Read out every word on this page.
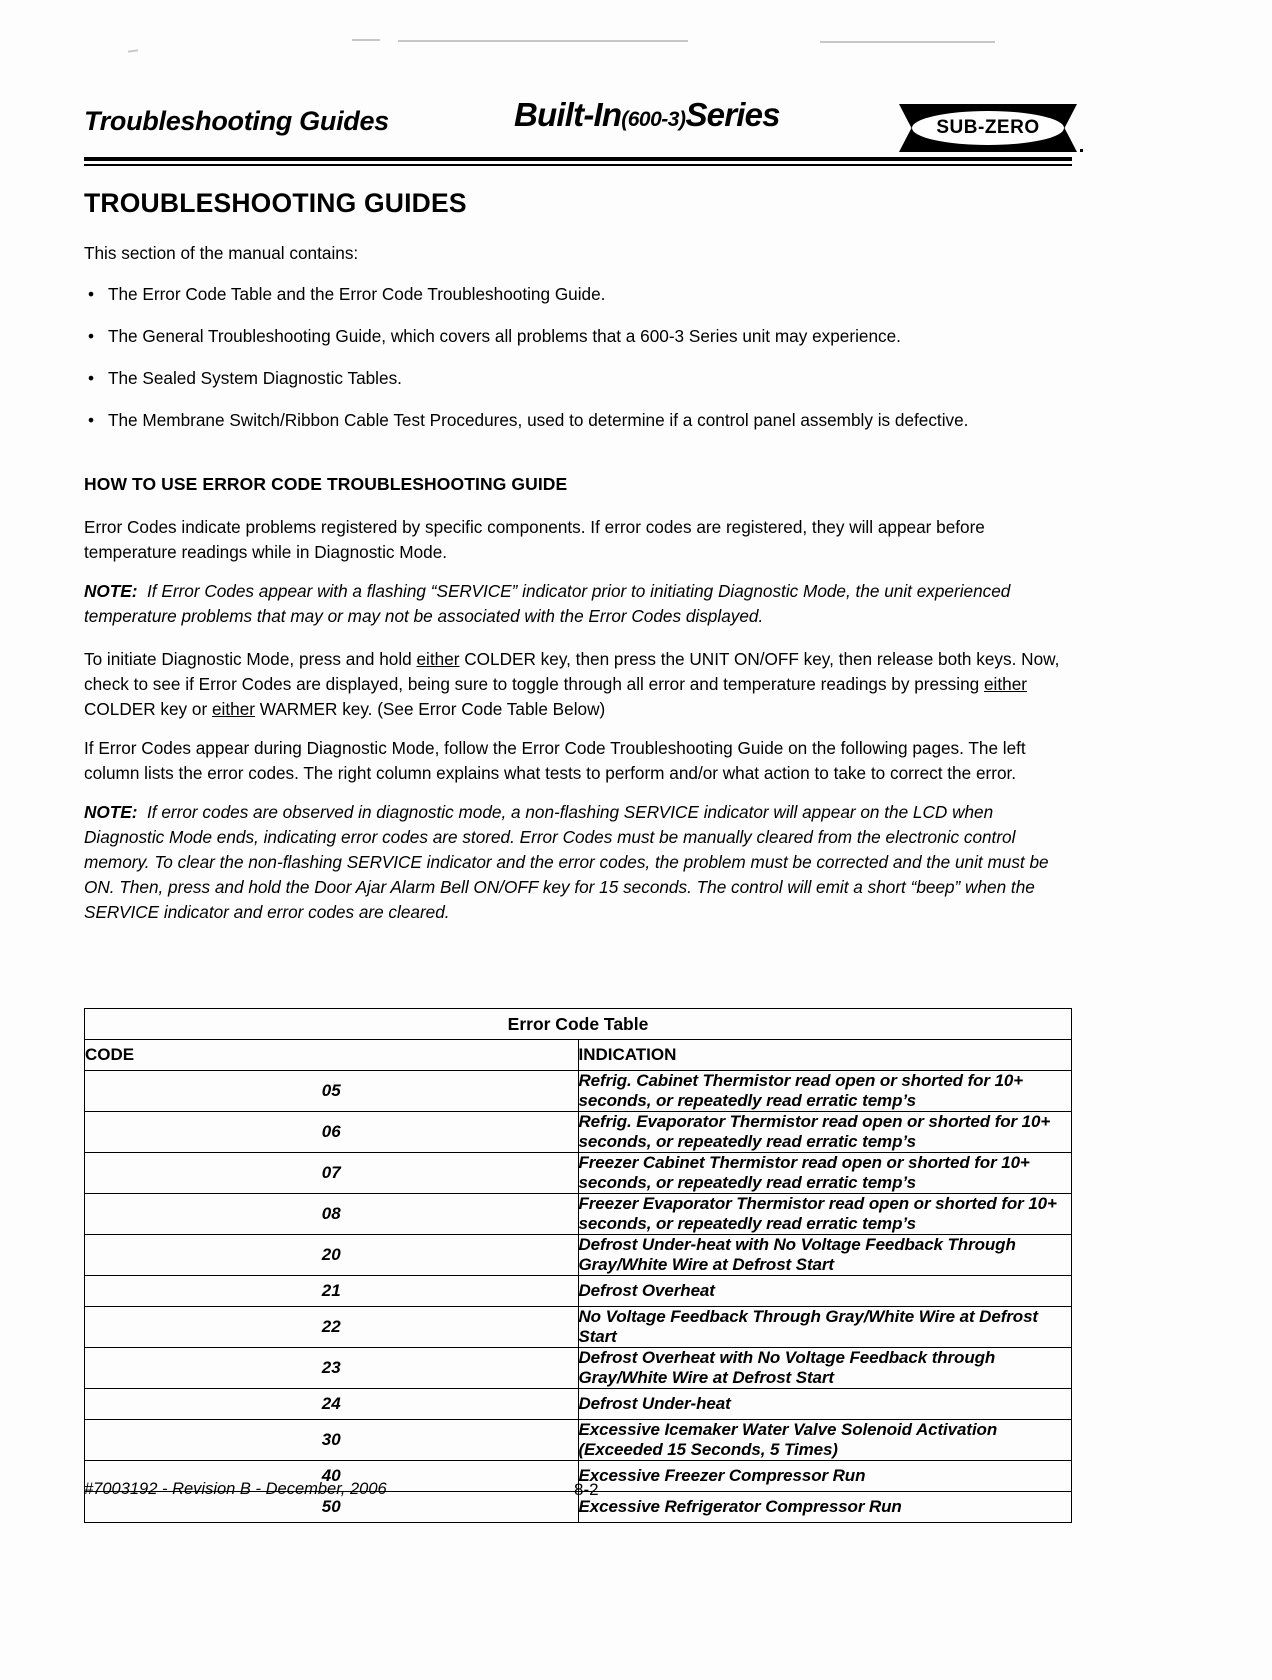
Troubleshooting Guides	Built-In(600-3)Series	SUB-ZERO
TROUBLESHOOTING GUIDES

This section of the manual contains:

• The Error Code Table and the Error Code Troubleshooting Guide.
• The General Troubleshooting Guide, which covers all problems that a 600-3 Series unit may experience.
• The Sealed System Diagnostic Tables.
• The Membrane Switch/Ribbon Cable Test Procedures, used to determine if a control panel assembly is defective.
HOW TO USE ERROR CODE TROUBLESHOOTING GUIDE

Error Codes indicate problems registered by specific components. If error codes are registered, they will appear before temperature readings while in Diagnostic Mode.

NOTE: If Error Codes appear with a flashing “SERVICE” indicator prior to initiating Diagnostic Mode, the unit experienced temperature problems that may or may not be associated with the Error Codes displayed.

To initiate Diagnostic Mode, press and hold either COLDER key, then press the UNIT ON/OFF key, then release both keys. Now, check to see if Error Codes are displayed, being sure to toggle through all error and temperature readings by pressing either COLDER key or either WARMER key. (See Error Code Table Below)

If Error Codes appear during Diagnostic Mode, follow the Error Code Troubleshooting Guide on the following pages. The left column lists the error codes. The right column explains what tests to perform and/or what action to take to correct the error.

NOTE: If error codes are observed in diagnostic mode, a non-flashing SERVICE indicator will appear on the LCD when Diagnostic Mode ends, indicating error codes are stored. Error Codes must be manually cleared from the electronic control memory. To clear the non-flashing SERVICE indicator and the error codes, the problem must be corrected and the unit must be ON. Then, press and hold the Door Ajar Alarm Bell ON/OFF key for 15 seconds. The control will emit a short “beep” when the SERVICE indicator and error codes are cleared.

Error Code Table	
CODE	INDICATION
05	Refrig. Cabinet Thermistor read open or shorted for 10+ seconds, or repeatedly read erratic temp’s
06	Refrig. Evaporator Thermistor read open or shorted for 10+ seconds, or repeatedly read erratic temp’s
07	Freezer Cabinet Thermistor read open or shorted for 10+ seconds, or repeatedly read erratic temp’s
08	Freezer Evaporator Thermistor read open or shorted for 10+ seconds, or repeatedly read erratic temp’s
20	Defrost Under-heat with No Voltage Feedback Through Gray/White Wire at Defrost Start
21	Defrost Overheat
22	No Voltage Feedback Through Gray/White Wire at Defrost Start
23	Defrost Overheat with No Voltage Feedback through Gray/White Wire at Defrost Start
24	Defrost Under-heat
30	Excessive Icemaker Water Valve Solenoid Activation (Exceeded 15 Seconds, 5 Times)
40	Excessive Freezer Compressor Run
50	Excessive Refrigerator Compressor Run
#7003192 - Revision B - December, 2006	8-2
